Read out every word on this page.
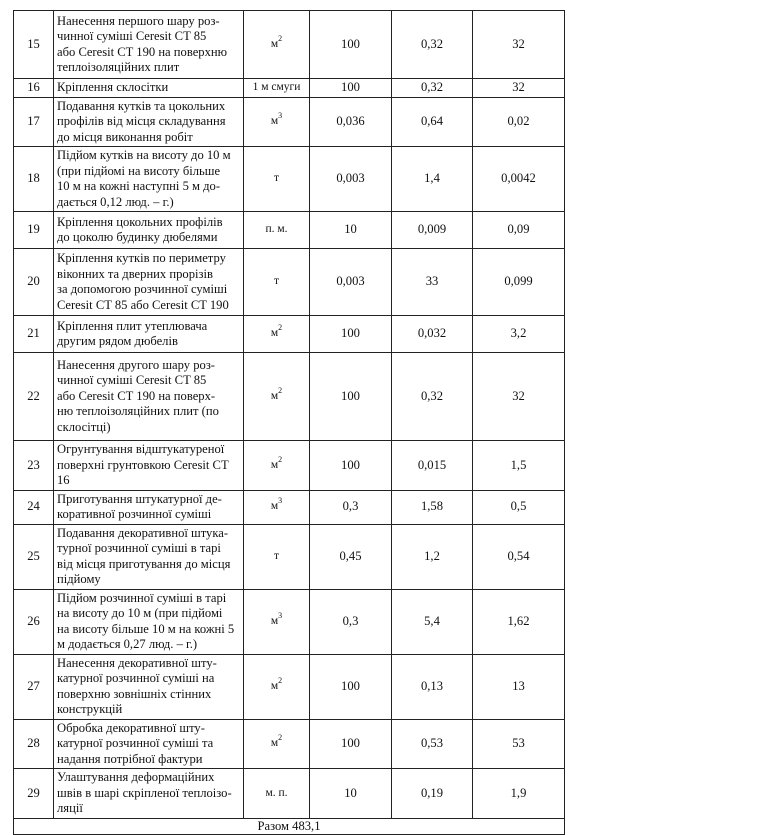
15	Нанесення першого шару роз-
чинної суміші Ceresit CT 85
або Ceresit CT 190 на поверхню
теплоізоляційних плит	$м^2$	100	0,32	32
16	Кріплення склосітки	1 м смуги	100	0,32	32
17	Подавання кутків та цокольних
профілів від місця складування
до місця виконання робіт	$м^3$	0,036	0,64	0,02
18	Підйом кутків на висоту до 10 м
(при підйомі на висоту більше
10 м на кожні наступні 5 м до-
дається 0,12 люд. – г.)	т	0,003	1,4	0,0042
19	Кріплення цокольних профілів
до цоколю будинку дюбелями	п. м.	10	0,009	0,09
20	Кріплення кутків по периметру
віконних та дверних прорізів
за допомогою розчинної суміші
Ceresit CT 85 або Ceresit CT 190	т	0,003	33	0,099
21	Кріплення плит утеплювача
другим рядом дюбелів	$м^2$	100	0,032	3,2
22	Нанесення другого шару роз-
чинної суміші Ceresit CT 85
або Ceresit CT 190 на поверх-
ню теплоізоляційних плит (по
склосітці)	$м^2$	100	0,32	32
23	Огрунтування відштукатуреної
поверхні грунтовкою Ceresit CT 16	$м^2$	100	0,015	1,5
24	Приготування штукатурної де-
коративної розчинної суміші	$м^3$	0,3	1,58	0,5
25	Подавання декоративної штука-
турної розчинної суміші в тарі
від місця приготування до місця
підйому	т	0,45	1,2	0,54
26	Підйом розчинної суміші в тарі
на висоту до 10 м (при підйомі
на висоту більше 10 м на кожні 5
м додається 0,27 люд. – г.)	$м^3$	0,3	5,4	1,62
27	Нанесення декоративної шту-
катурної розчинної суміші на
поверхню зовнішніх стінних
конструкцій	$м^2$	100	0,13	13
28	Обробка декоративної шту-
катурної розчинної суміші та
надання потрібної фактури	$м^2$	100	0,53	53
29	Улаштування деформаційних
швів в шарі скріпленої теплоізо-
ляції	м. п.	10	0,19	1,9
Разом 483,1					
